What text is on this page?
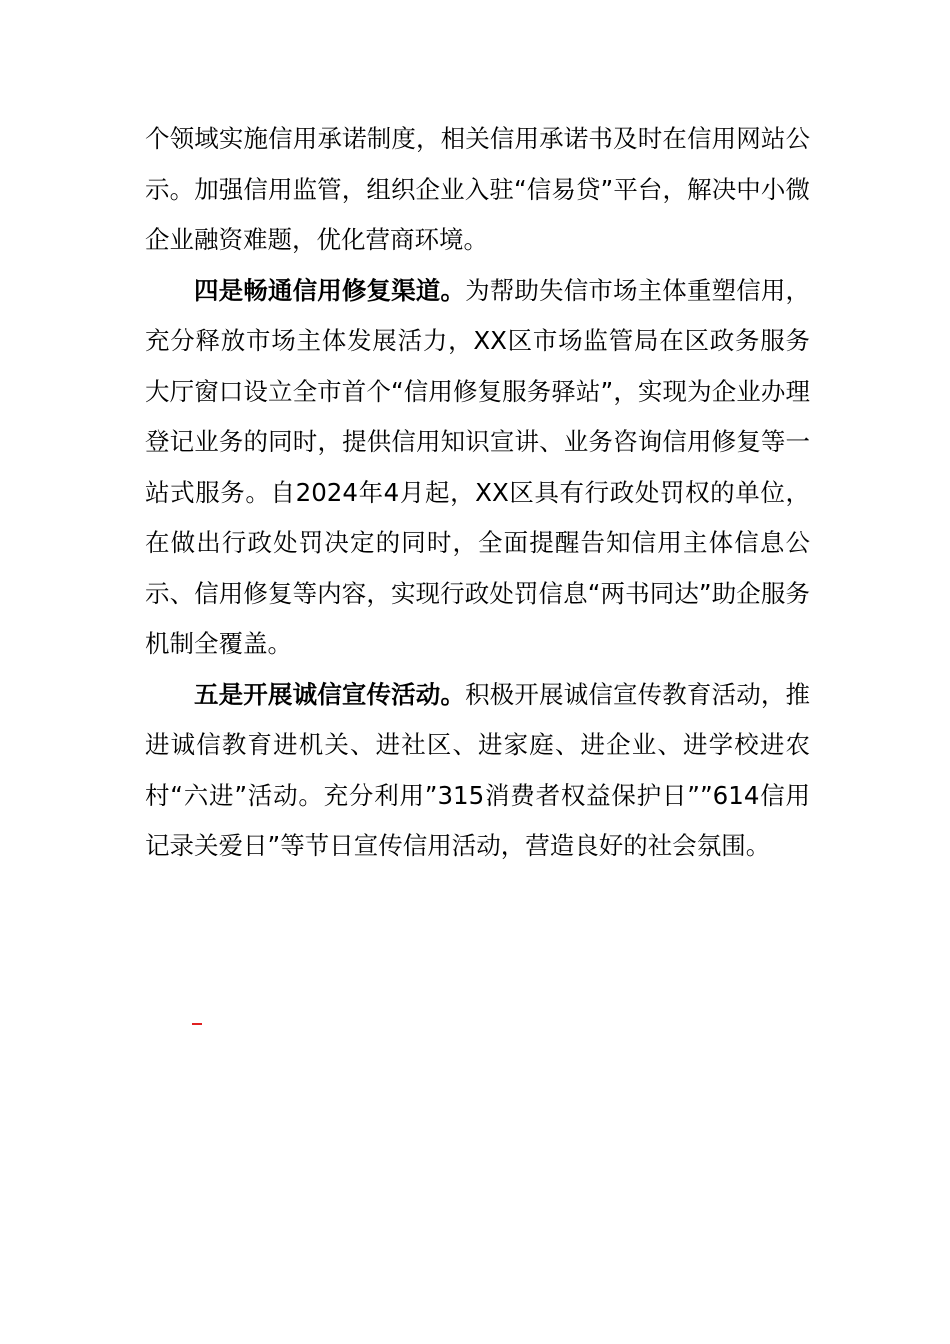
个领域实施信用承诺制度，相关信用承诺书及时在信用网站公示。加强信用监管，组织企业入驻“信易贷”平台，解决中小微企业融资难题，优化营商环境。

四是畅通信用修复渠道。为帮助失信市场主体重塑信用，充分释放市场主体发展活力，XX区市场监管局在区政务服务大厅窗口设立全市首个“信用修复服务驿站”，实现为企业办理登记业务的同时，提供信用知识宣讲、业务咨询信用修复等一站式服务。自2024年4月起，XX区具有行政处罚权的单位，在做出行政处罚决定的同时，全面提醒告知信用主体信息公示、信用修复等内容，实现行政处罚信息“两书同达”助企服务机制全覆盖。

五是开展诚信宣传活动。积极开展诚信宣传教育活动，推进诚信教育进机关、进社区、进家庭、进企业、进学校进农村“六进”活动。充分利用”315消费者权益保护日””614信用记录关爱日”等节日宣传信用活动，营造良好的社会氛围。
